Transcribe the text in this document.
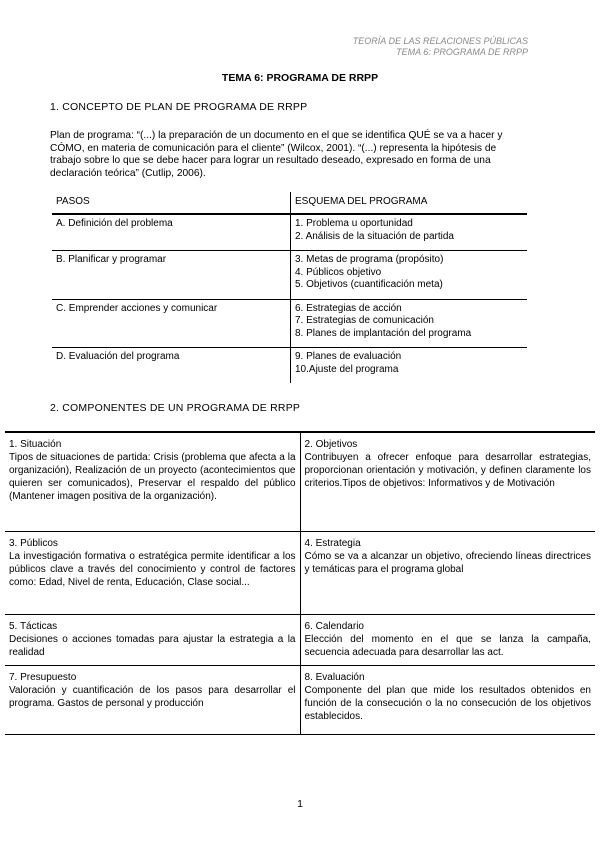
TEORÍA DE LAS RELACIONES PÚBLICAS
TEMA 6: PROGRAMA DE RRPP
TEMA 6: PROGRAMA DE RRPP
1. CONCEPTO DE PLAN DE PROGRAMA DE RRPP
Plan de programa: “(...) la preparación de un documento en el que se identifica QUÉ se va a hacer y
CÓMO, en materia de comunicación para el cliente” (Wilcox, 2001). “(...) representa la hipótesis de
trabajo sobre lo que se debe hacer para lograr un resultado deseado, expresado en forma de una
declaración teórica” (Cutlip, 2006).
PASOS	ESQUEMA DEL PROGRAMA
A. Definición del problema	1. Problema u oportunidad
2. Análisis de la situación de partida

B. Planificar y programar	3. Metas de programa (propósito)
4. Públicos objetivo
5. Objetivos (cuantificación meta)

C. Emprender acciones y comunicar	6. Estrategias de acción
7. Estrategias de comunicación
8. Planes de implantación del programa

D. Evaluación del programa	9. Planes de evaluación
10.Ajuste del programa
2. COMPONENTES DE UN PROGRAMA DE RRPP
1. Situación
Tipos de situaciones de partida: Crisis (problema que afecta a la organización), Realización de un proyecto (acontecimientos que quieren ser comunicados), Preservar el respaldo del público (Mantener imagen positiva de la organización).	2. Objetivos
Contribuyen a ofrecer enfoque para desarrollar estrategias, proporcionan orientación y motivación, y definen claramente los criterios.Tipos de objetivos: Informativos y de Motivación

3. Públicos
La investigación formativa o estratégica permite identificar a los públicos clave a través del conocimiento y control de factores como: Edad, Nivel de renta, Educación, Clase social...	4. Estrategia
Cómo se va a alcanzar un objetivo, ofreciendo líneas directrices y temáticas para el programa global

5. Tácticas
Decisiones o acciones tomadas para ajustar la estrategia a la realidad	6. Calendario
Elección del momento en el que se lanza la campaña, secuencia adecuada para desarrollar las act.

7. Presupuesto
Valoración y cuantificación de los pasos para desarrollar el programa. Gastos de personal y producción	8. Evaluación
Componente del plan que mide los resultados obtenidos en función de la consecución o la no consecución de los objetivos establecidos.
1
